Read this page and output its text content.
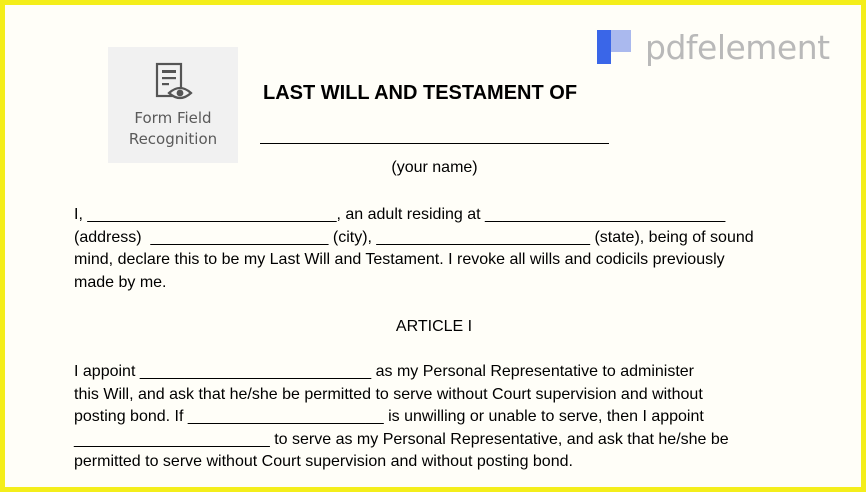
Form Field
Recognition
pdfelement
LAST WILL AND TESTAMENT OF
(your name)

I, ____________________________, an adult residing at ___________________________

(address)  ____________________ (city), ________________________ (state), being of sound

mind, declare this to be my Last Will and Testament. I revoke all wills and codicils previously

made by me.

ARTICLE I

I appoint __________________________ as my Personal Representative to administer

this Will, and ask that he/she be permitted to serve without Court supervision and without

posting bond. If ______________________ is unwilling or unable to serve, then I appoint

______________________ to serve as my Personal Representative, and ask that he/she be

permitted to serve without Court supervision and without posting bond.
